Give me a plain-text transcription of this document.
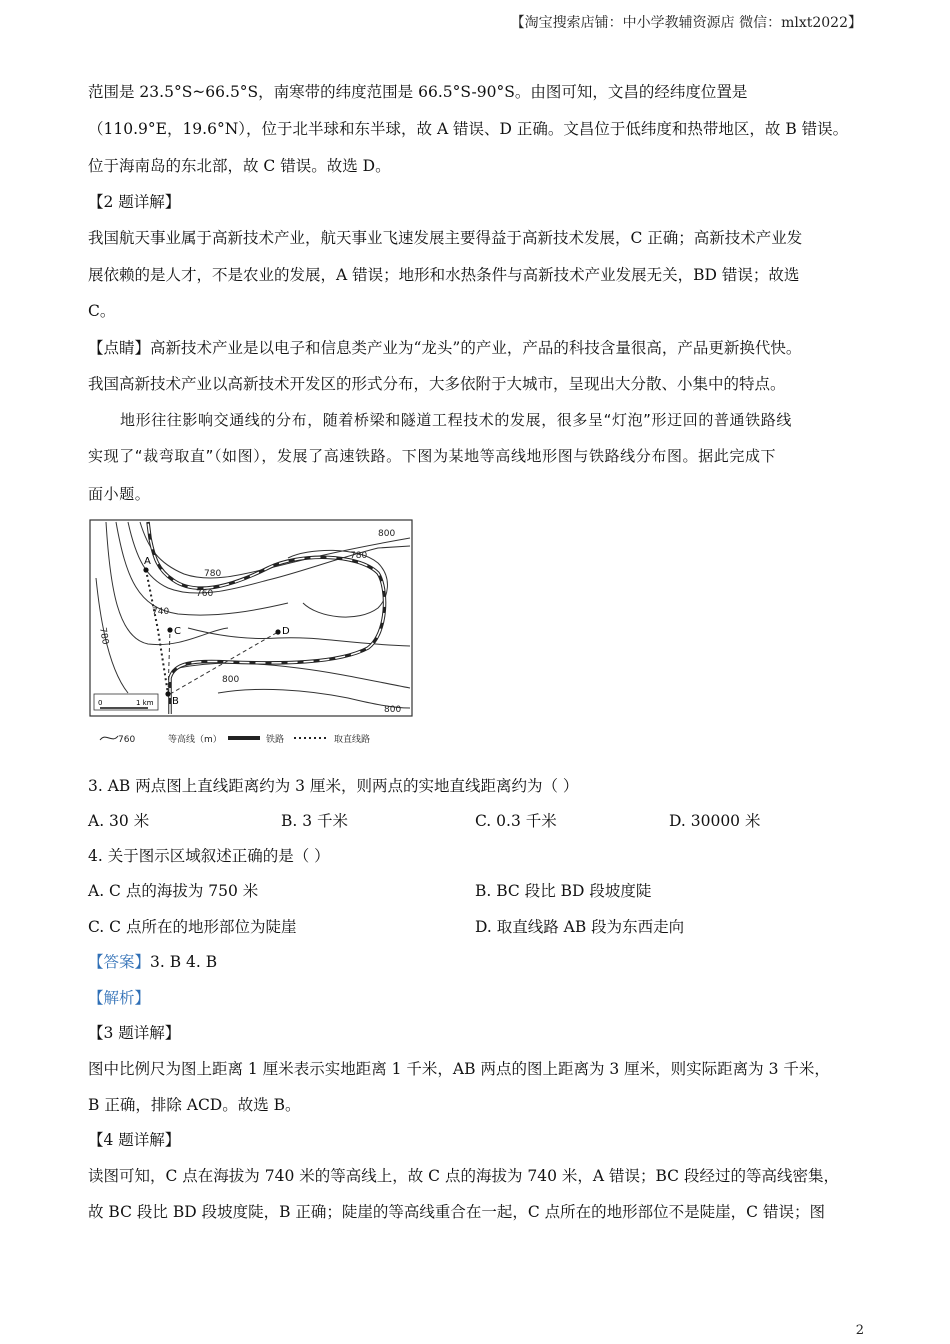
【淘宝搜索店铺：中小学教辅资源店 微信：mlxt2022】
范围是 23.5°S~66.5°S，南寒带的纬度范围是 66.5°S-90°S。由图可知，文昌的经纬度位置是
（110.9°E，19.6°N），位于北半球和东半球，故 A 错误、D 正确。文昌位于低纬度和热带地区，故 B 错误。
位于海南岛的东北部，故 C 错误。故选 D。
【2 题详解】
我国航天事业属于高新技术产业，航天事业飞速发展主要得益于高新技术发展，C 正确；高新技术产业发
展依赖的是人才，不是农业的发展，A 错误；地形和水热条件与高新技术产业发展无关，BD 错误；故选
C。
【点睛】高新技术产业是以电子和信息类产业为“龙头”的产业，产品的科技含量很高，产品更新换代快。
我国高新技术产业以高新技术开发区的形式分布，大多依附于大城市，呈现出大分散、小集中的特点。
地形往往影响交通线的分布，随着桥梁和隧道工程技术的发展，很多呈“灯泡”形迂回的普通铁路线
实现了“裁弯取直”（如图），发展了高速铁路。下图为某地等高线地形图与铁路线分布图。据此完成下
面小题。
A
B
C	D
800
780
780
760
740
780
800
800
0	1 km
760	等高线（m）	铁路	取直线路
3. AB 两点图上直线距离约为 3 厘米，则两点的实地直线距离约为（ ）
A. 30 米	B. 3 千米	C. 0.3 千米	D. 30000 米
4. 关于图示区域叙述正确的是（ ）
A. C 点的海拔为 750 米	B. BC 段比 BD 段坡度陡
C. C 点所在的地形部位为陡崖	D. 取直线路 AB 段为东西走向
【答案】3. B 4. B
【解析】
【3 题详解】
图中比例尺为图上距离 1 厘米表示实地距离 1 千米，AB 两点的图上距离为 3 厘米，则实际距离为 3 千米，
B 正确，排除 ACD。故选 B。
【4 题详解】
读图可知，C 点在海拔为 740 米的等高线上，故 C 点的海拔为 740 米，A 错误；BC 段经过的等高线密集，
故 BC 段比 BD 段坡度陡，B 正确；陡崖的等高线重合在一起，C 点所在的地形部位不是陡崖，C 错误；图
2
